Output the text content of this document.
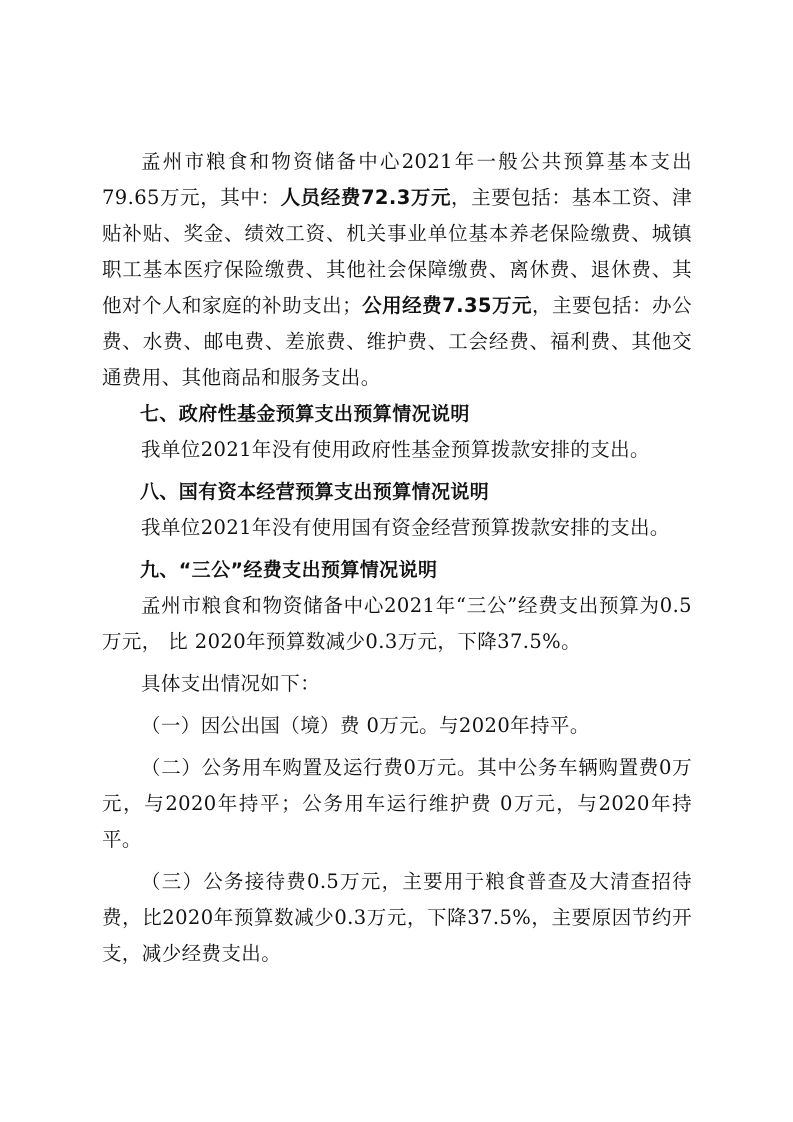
孟州市粮食和物资储备中心2021年一般公共预算基本支出79.65万元，其中：人员经费72.3万元，主要包括：基本工资、津贴补贴、奖金、绩效工资、机关事业单位基本养老保险缴费、城镇职工基本医疗保险缴费、其他社会保障缴费、离休费、退休费、其他对个人和家庭的补助支出；公用经费7.35万元，主要包括：办公费、水费、邮电费、差旅费、维护费、工会经费、福利费、其他交通费用、其他商品和服务支出。

七、政府性基金预算支出预算情况说明

我单位2021年没有使用政府性基金预算拨款安排的支出。

八、国有资本经营预算支出预算情况说明

我单位2021年没有使用国有资金经营预算拨款安排的支出。

九、“三公”经费支出预算情况说明

孟州市粮食和物资储备中心2021年“三公”经费支出预算为0.5万元， 比 2020年预算数减少0.3万元，下降37.5%。

具体支出情况如下：

（一）因公出国（境）费 0万元。与2020年持平。

（二）公务用车购置及运行费0万元。其中公务车辆购置费0万元，与2020年持平；公务用车运行维护费 0万元，与2020年持平。

（三）公务接待费0.5万元，主要用于粮食普查及大清查招待费，比2020年预算数减少0.3万元，下降37.5%，主要原因节约开支，减少经费支出。
